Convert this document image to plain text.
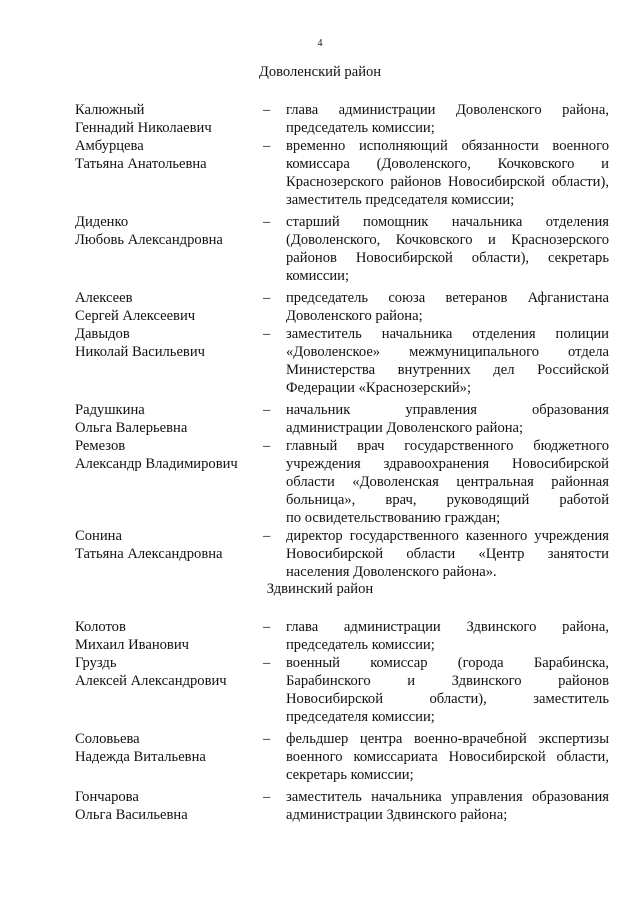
4
Доволенский район
Калюжный
Геннадий Николаевич
– глава администрации Доволенского района,
председатель комиссии;
Амбурцева
Татьяна Анатольевна
– временно исполняющий обязанности военного
комиссара (Доволенского, Кочковского и
Краснозерского районов Новосибирской области),
заместитель председателя комиссии;
Диденко
Любовь Александровна
– старший помощник начальника отделения
(Доволенского, Кочковского и Краснозерского
районов Новосибирской области), секретарь
комиссии;
Алексеев
Сергей Алексеевич
– председатель союза ветеранов Афганистана
Доволенского района;
Давыдов
Николай Васильевич
– заместитель начальника отделения полиции
«Доволенское» межмуниципального отдела
Министерства внутренних дел Российской
Федерации «Краснозерский»;
Радушкина
Ольга Валерьевна
– начальник управления образования
администрации Доволенского района;
Ремезов
Александр Владимирович
– главный врач государственного бюджетного
учреждения здравоохранения Новосибирской
области «Доволенская центральная районная
больница», врач, руководящий работой
по освидетельствованию граждан;
Сонина
Татьяна Александровна
– директор государственного казенного учреждения
Новосибирской области «Центр занятости
населения Доволенского района».
Здвинский район
Колотов
Михаил Иванович
– глава администрации Здвинского района,
председатель комиссии;
Груздь
Алексей Александрович
– военный комиссар (города Барабинска,
Барабинского и Здвинского районов
Новосибирской области), заместитель
председателя комиссии;
Соловьева
Надежда Витальевна
– фельдшер центра военно-врачебной экспертизы
военного комиссариата Новосибирской области,
секретарь комиссии;
Гончарова
Ольга Васильевна
– заместитель начальника управления образования
администрации Здвинского района;
